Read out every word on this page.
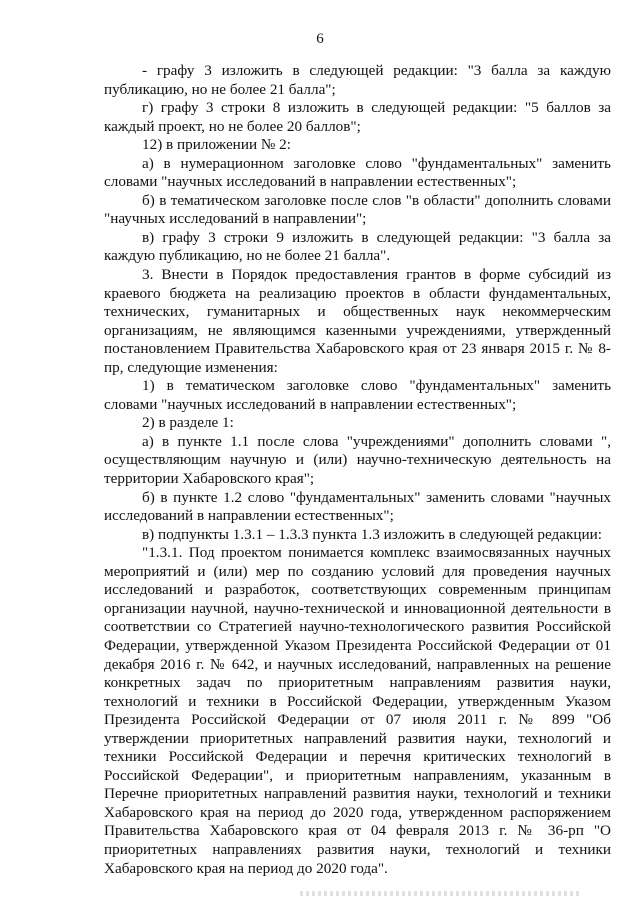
6

- графу 3 изложить в следующей редакции: "3 балла за каждую публикацию, но не более 21 балла";

г) графу 3 строки 8 изложить в следующей редакции: "5 баллов за каждый проект, но не более 20 баллов";

12) в приложении № 2:

а) в нумерационном заголовке слово "фундаментальных" заменить словами "научных исследований в направлении естественных";

б) в тематическом заголовке после слов "в области" дополнить словами "научных исследований в направлении";

в) графу 3 строки 9 изложить в следующей редакции: "3 балла за каждую публикацию, но не более 21 балла".

3. Внести в Порядок предоставления грантов в форме субсидий из краевого бюджета на реализацию проектов в области фундаментальных, технических, гуманитарных и общественных наук некоммерческим организациям, не являющимся казенными учреждениями, утвержденный постановлением Правительства Хабаровского края от 23 января 2015 г. № 8-пр, следующие изменения:

1) в тематическом заголовке слово "фундаментальных" заменить словами "научных исследований в направлении естественных";

2) в разделе 1:

а) в пункте 1.1 после слова "учреждениями" дополнить словами ", осуществляющим научную и (или) научно-техническую деятельность на территории Хабаровского края";

б) в пункте 1.2 слово "фундаментальных" заменить словами "научных исследований в направлении естественных";

в) подпункты 1.3.1 – 1.3.3 пункта 1.3 изложить в следующей редакции:

"1.3.1. Под проектом понимается комплекс взаимосвязанных научных мероприятий и (или) мер по созданию условий для проведения научных исследований и разработок, соответствующих современным принципам организации научной, научно-технической и инновационной деятельности в соответствии со Стратегией научно-технологического развития Российской Федерации, утвержденной Указом Президента Российской Федерации от 01 декабря 2016 г. № 642, и научных исследований, направленных на решение конкретных задач по приоритетным направлениям развития науки, технологий и техники в Российской Федерации, утвержденным Указом Президента Российской Федерации от 07 июля 2011 г. № 899 "Об утверждении приоритетных направлений развития науки, технологий и техники Российской Федерации и перечня критических технологий в Российской Федерации", и приоритетным направлениям, указанным в Перечне приоритетных направлений развития науки, технологий и техники Хабаровского края на период до 2020 года, утвержденном распоряжением Правительства Хабаровского края от 04 февраля 2013 г. № 36-рп "О приоритетных направлениях развития науки, технологий и техники Хабаровского края на период до 2020 года".
